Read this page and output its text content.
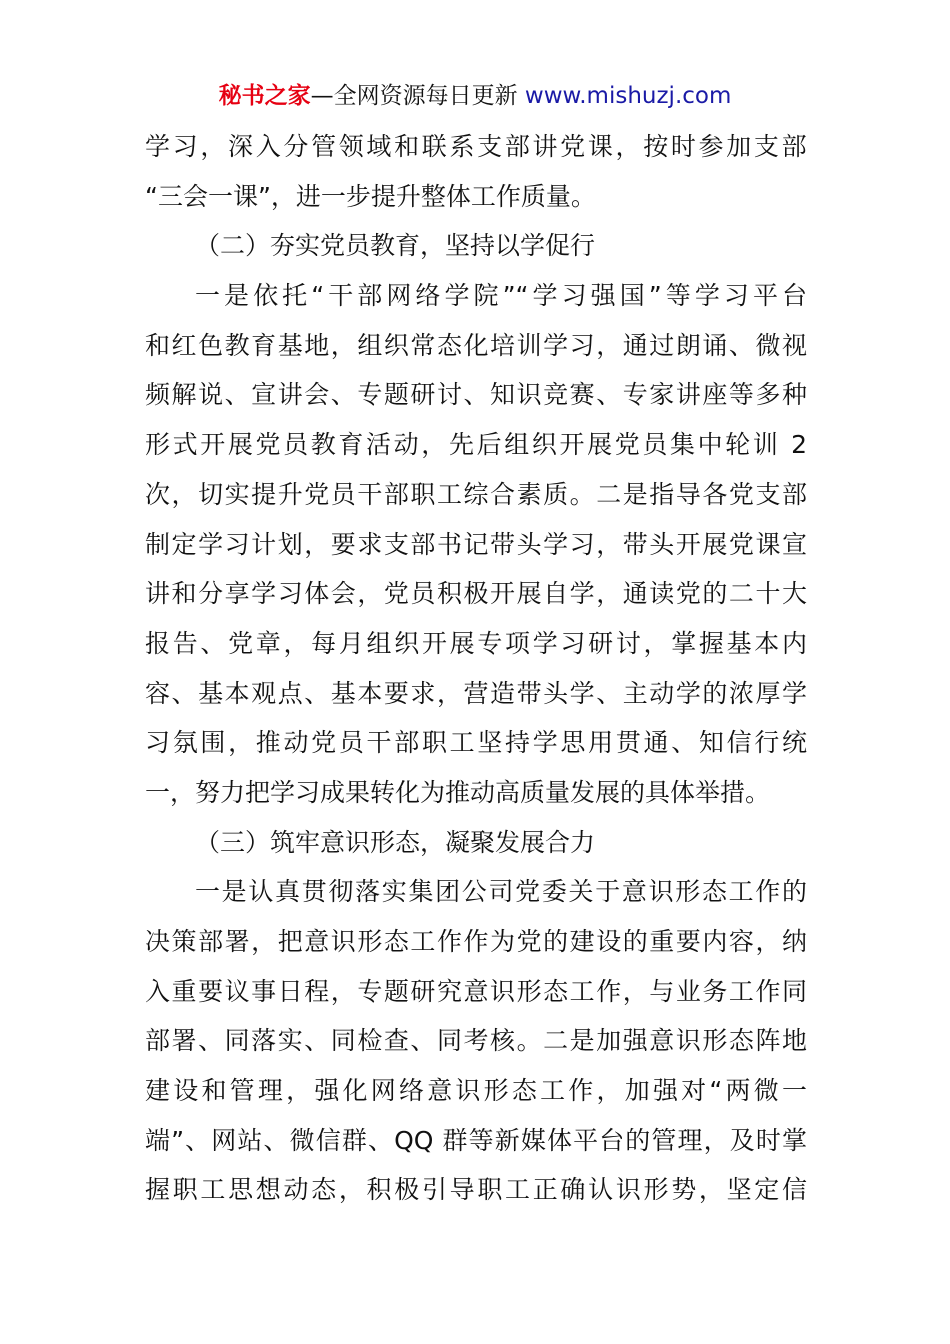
秘书之家—全网资源每日更新 www.mishuzj.com
学习，深入分管领域和联系支部讲党课，按时参加支部
“三会一课”，进一步提升整体工作质量。
（二）夯实党员教育，坚持以学促行
一是依托“干部网络学院”“学习强国”等学习平台
和红色教育基地，组织常态化培训学习，通过朗诵、微视
频解说、宣讲会、专题研讨、知识竞赛、专家讲座等多种
形式开展党员教育活动，先后组织开展党员集中轮训 2
次，切实提升党员干部职工综合素质。二是指导各党支部
制定学习计划，要求支部书记带头学习，带头开展党课宣
讲和分享学习体会，党员积极开展自学，通读党的二十大
报告、党章，每月组织开展专项学习研讨，掌握基本内
容、基本观点、基本要求，营造带头学、主动学的浓厚学
习氛围，推动党员干部职工坚持学思用贯通、知信行统
一，努力把学习成果转化为推动高质量发展的具体举措。
（三）筑牢意识形态，凝聚发展合力
一是认真贯彻落实集团公司党委关于意识形态工作的
决策部署，把意识形态工作作为党的建设的重要内容，纳
入重要议事日程，专题研究意识形态工作，与业务工作同
部署、同落实、同检查、同考核。二是加强意识形态阵地
建设和管理，强化网络意识形态工作，加强对“两微一
端”、网站、微信群、QQ 群等新媒体平台的管理，及时掌
握职工思想动态，积极引导职工正确认识形势，坚定信
